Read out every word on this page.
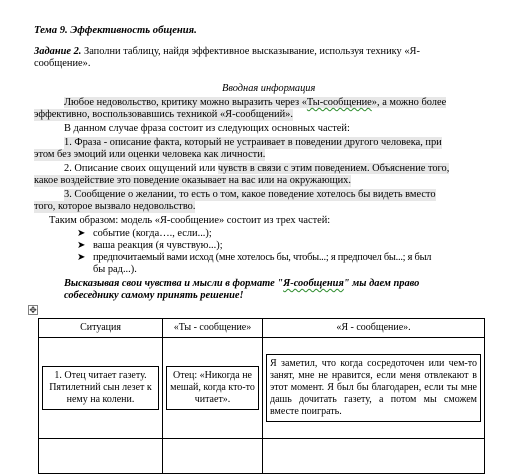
Тема 9. Эффективность общения.
Задание 2. Заполни таблицу, найдя эффективное высказывание, используя технику «Я-
сообщение».
Вводная информация
Любое недовольство, критику можно выразить через «Ты-сообщение», а можно более
эффективно, воспользовавшись техникой «Я-сообщений».
В данном случае фраза состоит из следующих основных частей:
1. Фраза - описание факта, который не устраивает в поведении другого человека, при
этом без эмоций или оценки человека как личности.
2. Описание своих ощущений или чувств в связи с этим поведением. Объяснение того,
какое воздействие это поведение оказывает на вас или на окружающих.
3. Сообщение о желании, то есть о том, какое поведение хотелось бы видеть вместо
того, которое вызвало недовольство.
Таким образом: модель «Я-сообщение» состоит из трех частей:
➤ событие (когда…., если...);
➤ ваша реакция (я чувствую...);
➤ предпочитаемый вами исход (мне хотелось бы, чтобы...; я предпочел бы...; я был
бы рад...).
Высказывая свои чувства и мысли в формате "Я-сообщения" мы даем право
собеседнику самому принять решение!
✥
Ситуация	«Ты - сообщение»	«Я - сообщение».

1. Отец читает газету. Пятилетний сын лезет к нему на колени.	Отец: «Никогда не мешай, когда кто-то читает».	Я заметил, что когда сосредоточен или чем-то занят, мне не нравится, если меня отвлекают в этот момент. Я был бы благодарен, если ты мне дашь дочитать газету, а потом мы сможем вместе поиграть.
